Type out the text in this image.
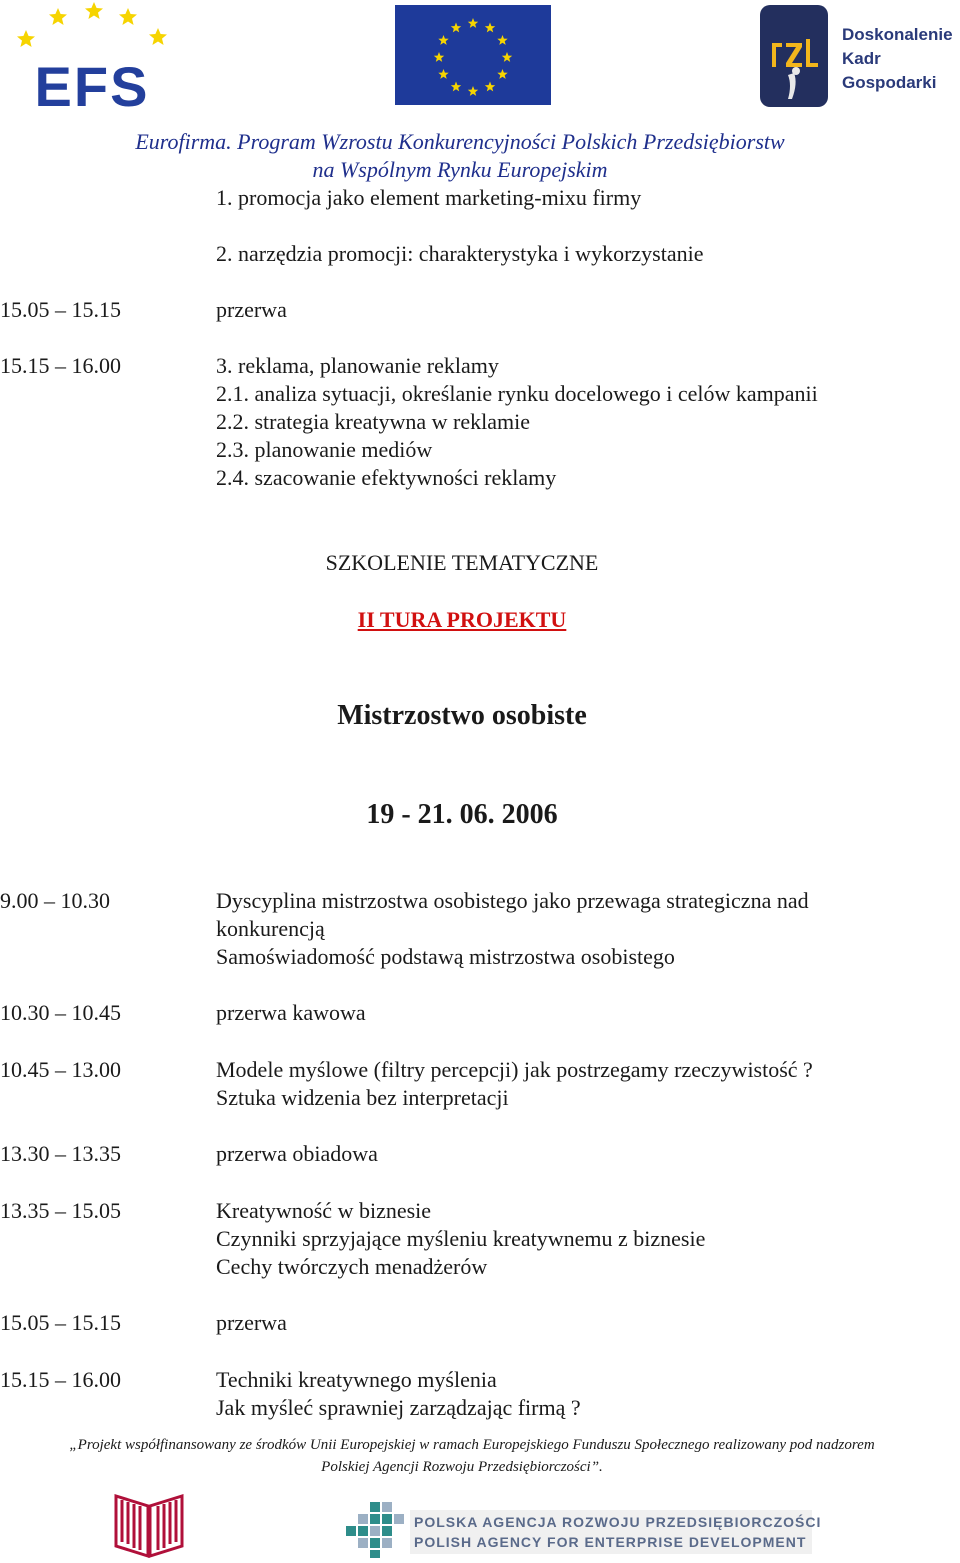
EFS
Doskonalenie
Kadr
Gospodarki
Eurofirma. Program Wzrostu Konkurencyjności Polskich Przedsiębiorstw
na Wspólnym Rynku Europejskim
1. promocja jako element marketing-mixu firmy
2. narzędzia promocji: charakterystyka i wykorzystanie
15.05 – 15.15	przerwa
15.15 – 16.00	3. reklama, planowanie reklamy
2.1. analiza sytuacji, określanie rynku docelowego i celów kampanii
2.2. strategia kreatywna w reklamie
2.3. planowanie mediów
2.4. szacowanie efektywności reklamy
SZKOLENIE TEMATYCZNE
II TURA PROJEKTU
Mistrzostwo osobiste
19 - 21. 06. 2006
9.00 – 10.30	Dyscyplina mistrzostwa osobistego jako przewaga strategiczna nad
konkurencją
Samoświadomość podstawą mistrzostwa osobistego
10.30 – 10.45	przerwa kawowa
10.45 – 13.00	Modele myślowe (filtry percepcji) jak postrzegamy rzeczywistość ?
Sztuka widzenia bez interpretacji
13.30 – 13.35	przerwa obiadowa
13.35 – 15.05	Kreatywność w biznesie
Czynniki sprzyjające myśleniu kreatywnemu z biznesie
Cechy twórczych menadżerów
15.05 – 15.15	przerwa
15.15 – 16.00	Techniki kreatywnego myślenia
Jak myśleć sprawniej zarządzając firmą ?
„Projekt współfinansowany ze środków Unii Europejskiej w ramach Europejskiego Funduszu Społecznego realizowany pod nadzorem
Polskiej Agencji Rozwoju Przedsiębiorczości”.
POLSKA AGENCJA ROZWOJU PRZEDSIĘBIORCZOŚCI
POLISH AGENCY FOR ENTERPRISE DEVELOPMENT
